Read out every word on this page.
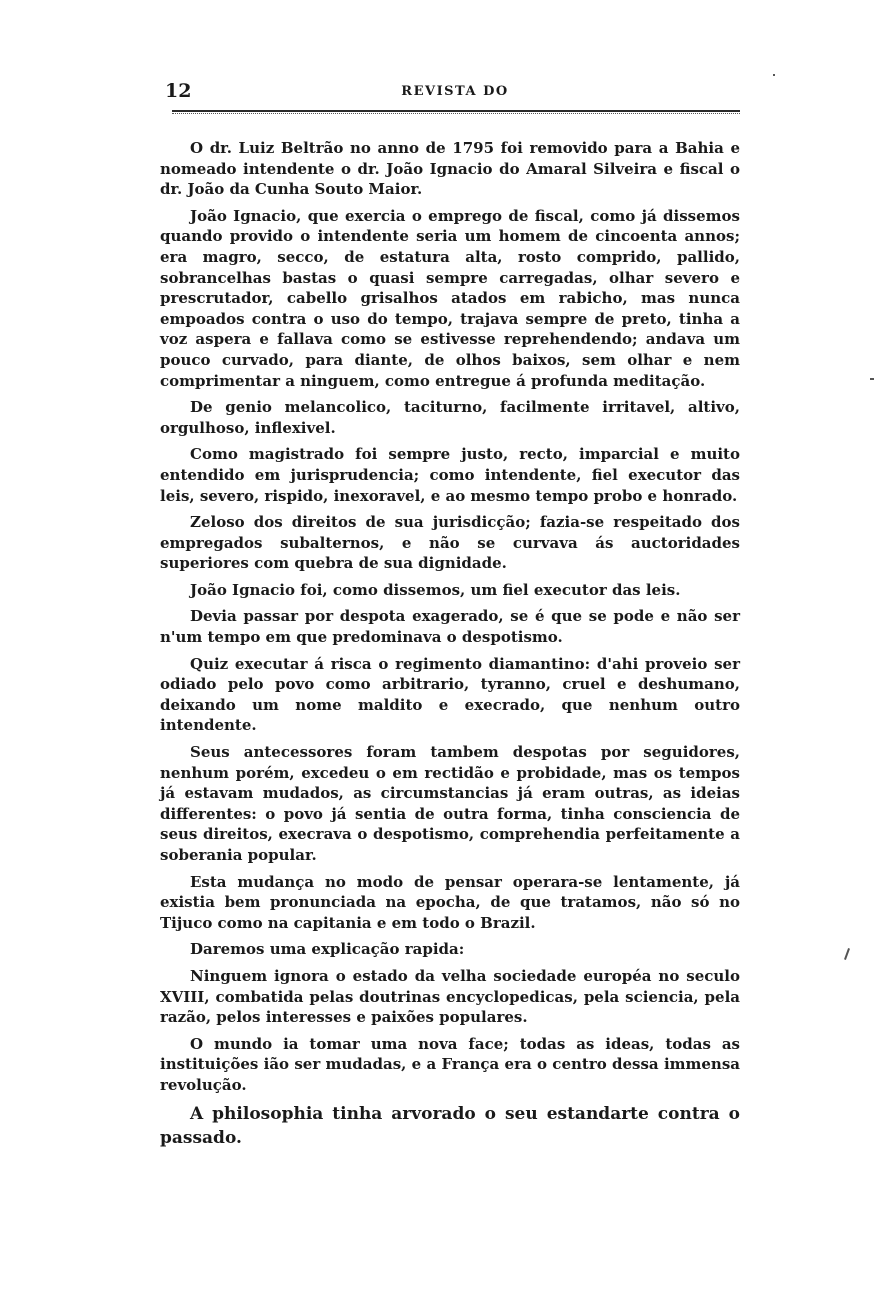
12	REVISTA DO

O dr. Luiz Beltrão no anno de 1795 foi removido para a Bahia e nomeado intendente o dr. João Ignacio do Amaral Silveira e fiscal o dr. João da Cunha Souto Maior.

João Ignacio, que exercia o emprego de fiscal, como já dissemos quando provido o intendente seria um homem de cincoenta annos; era magro, secco, de estatura alta, rosto comprido, pallido, sobrancelhas bastas o quasi sempre carregadas, olhar severo e prescrutador, cabello grisalhos atados em rabicho, mas nunca empoados contra o uso do tempo, trajava sempre de preto, tinha a voz aspera e fallava como se estivesse reprehendendo; andava um pouco curvado, para diante, de olhos baixos, sem olhar e nem comprimentar a ninguem, como entregue á profunda meditação.

De genio melancolico, taciturno, facilmente irritavel, altivo, orgulhoso, inflexivel.

Como magistrado foi sempre justo, recto, imparcial e muito entendido em jurisprudencia; como intendente, fiel executor das leis, severo, rispido, inexoravel, e ao mesmo tempo probo e honrado.

Zeloso dos direitos de sua jurisdicção; fazia-se respeitado dos empregados subalternos, e não se curvava ás auctoridades superiores com quebra de sua dignidade.

João Ignacio foi, como dissemos, um fiel executor das leis.

Devia passar por despota exagerado, se é que se pode e não ser n'um tempo em que predominava o despotismo.

Quiz executar á risca o regimento diamantino: d'ahi proveio ser odiado pelo povo como arbitrario, tyranno, cruel e deshumano, deixando um nome maldito e execrado, que nenhum outro intendente.

Seus antecessores foram tambem despotas por seguidores, nenhum porém, excedeu o em rectidão e probidade, mas os tempos já estavam mudados, as circumstancias já eram outras, as ideias differentes: o povo já sentia de outra forma, tinha consciencia de seus direitos, execrava o despotismo, comprehendia perfeitamente a soberania popular.

Esta mudança no modo de pensar operara-se lentamente, já existia bem pronunciada na epocha, de que tratamos, não só no Tijuco como na capitania e em todo o Brazil.

Daremos uma explicação rapida:

Ninguem ignora o estado da velha sociedade européa no seculo XVIII, combatida pelas doutrinas encyclopedicas, pela sciencia, pela razão, pelos interesses e paixões populares.

O mundo ia tomar uma nova face; todas as ideas, todas as instituições ião ser mudadas, e a França era o centro dessa immensa revolução.

A philosophia tinha arvorado o seu estandarte contra o passado.
